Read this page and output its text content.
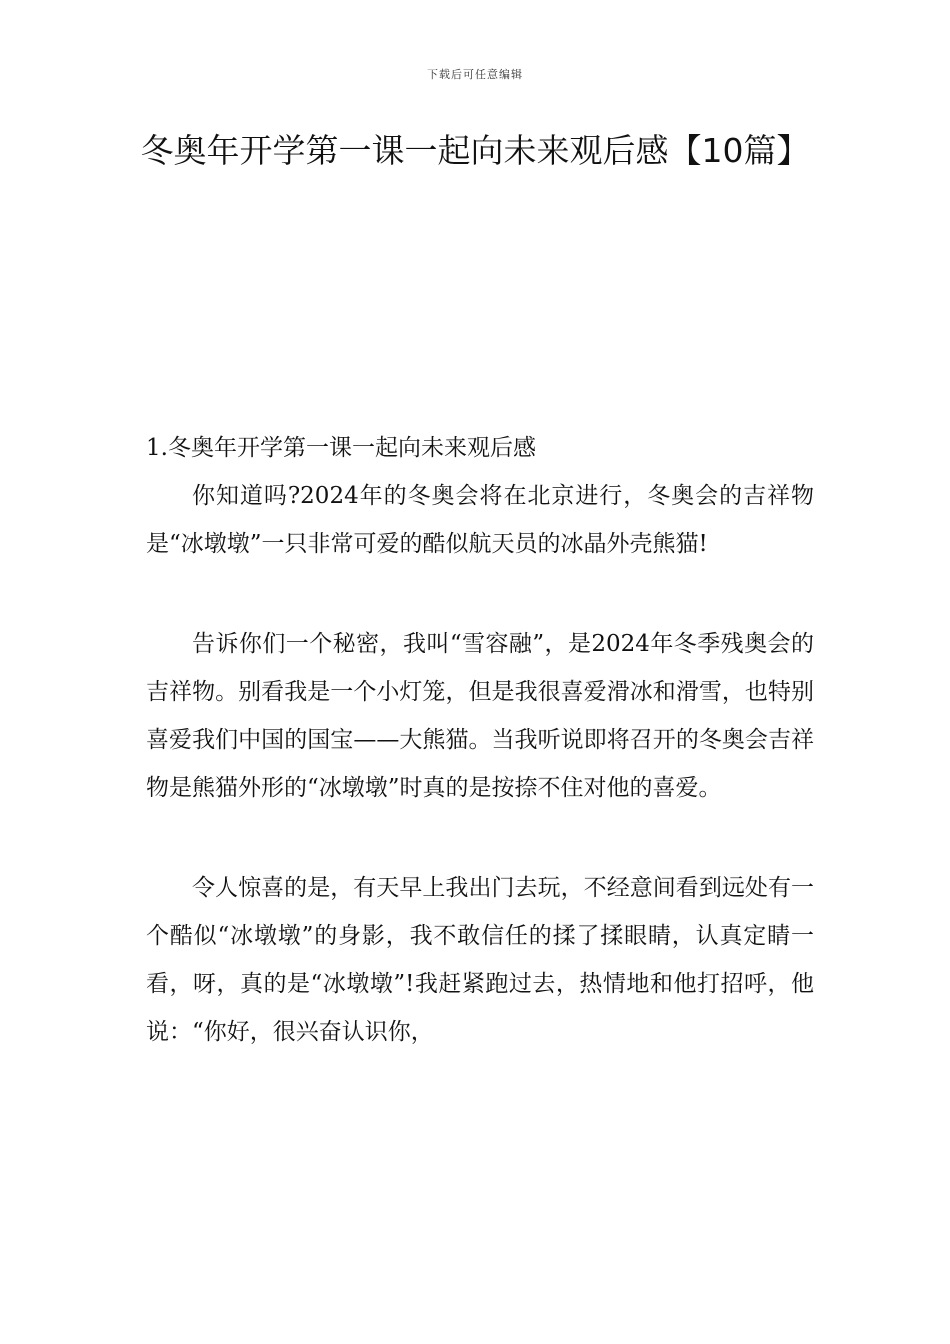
下载后可任意编辑
冬奥年开学第一课一起向未来观后感【10篇】

1.冬奥年开学第一课一起向未来观后感

你知道吗?2024年的冬奥会将在北京进行，冬奥会的吉祥物是“冰墩墩”一只非常可爱的酷似航天员的冰晶外壳熊猫!

告诉你们一个秘密，我叫“雪容融”，是2024年冬季残奥会的吉祥物。别看我是一个小灯笼，但是我很喜爱滑冰和滑雪，也特别喜爱我们中国的国宝——大熊猫。当我听说即将召开的冬奥会吉祥物是熊猫外形的“冰墩墩”时真的是按捺不住对他的喜爱。

令人惊喜的是，有天早上我出门去玩，不经意间看到远处有一个酷似“冰墩墩”的身影，我不敢信任的揉了揉眼睛，认真定睛一看，呀，真的是“冰墩墩”!我赶紧跑过去，热情地和他打招呼，他说：“你好，很兴奋认识你，
